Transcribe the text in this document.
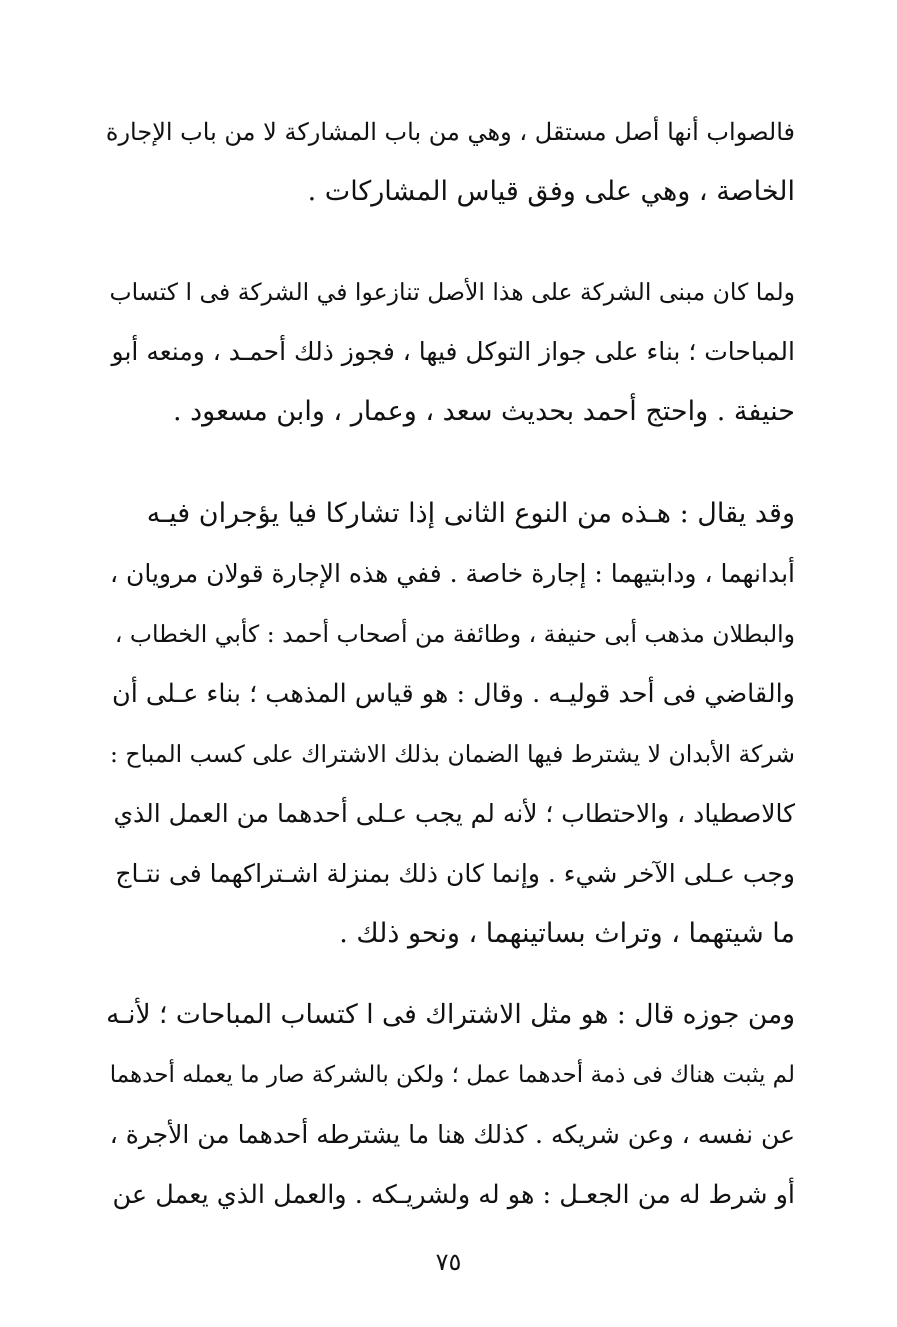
فالصواب أنها أصل مستقل ، وهي من باب المشاركة لا من باب الإجارة
الخاصة ، وهي على وفق قياس المشاركات .
ولما كان مبنى الشركة على هذا الأصل تنازعوا في الشركة فى ا كتساب
المباحات ؛ بناء على جواز التوكل فيها ، فجوز ذلك أحمـد ، ومنعه أبو
حنيفة . واحتج أحمد بحديث سعد ، وعمار ، وابن مسعود .
وقد يقال : هـذه من النوع الثانى إذا تشاركا فيا يؤجران فيـه
أبدانهما ، ودابتيهما : إجارة خاصة . ففي هذه الإجارة قولان مرويان ،
والبطلان مذهب أبى حنيفة ، وطائفة من أصحاب أحمد : كأبي الخطاب ،
والقاضي فى أحد قوليـه . وقال : هو قياس المذهب ؛ بناء عـلى أن
شركة الأبدان لا يشترط فيها الضمان بذلك الاشتراك على كسب المباح :
كالاصطياد ، والاحتطاب ؛ لأنه لم يجب عـلى أحدهما من العمل الذي
وجب عـلى الآخر شيء . وإنما كان ذلك بمنزلة اشـتراكهما فى نتـاج
ما شيتهما ، وتراث بساتينهما ، ونحو ذلك .
ومن جوزه قال : هو مثل الاشتراك فى ا كتساب المباحات ؛ لأنـه
لم يثبت هناك فى ذمة أحدهما عمل ؛ ولكن بالشركة صار ما يعمله أحدهما
عن نفسه ، وعن شريكه . كذلك هنا ما يشترطه أحدهما من الأجرة ،
أو شرط له من الجعـل : هو له ولشريـكه . والعمل الذي يعمل عن
٧٥
